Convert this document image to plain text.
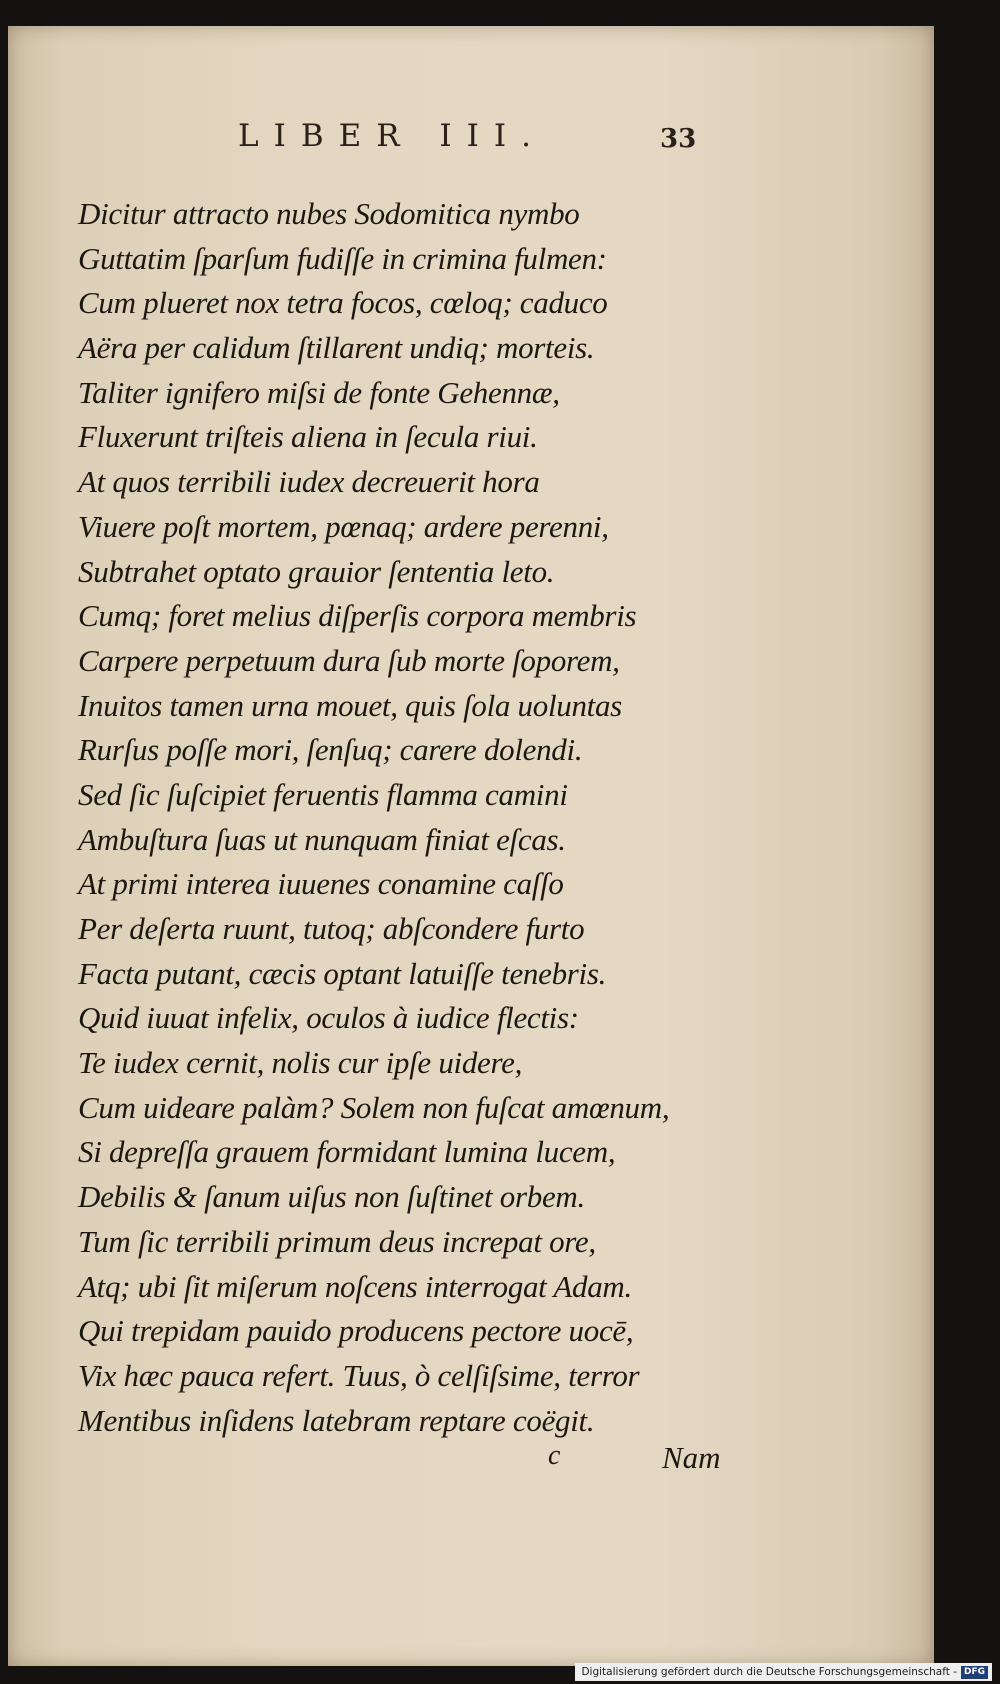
LIBER III.	33
Dicitur attracto nubes Sodomitica nymbo
Guttatim ſparſum fudiſſe in crimina fulmen:
Cum plueret nox tetra focos, cœloq; caduco
Aëra per calidum ſtillarent undiq; morteis.
Taliter ignifero miſsi de fonte Gehennæ,
Fluxerunt triſteis aliena in ſecula riui.
At quos terribili iudex decreuerit hora
Viuere poſt mortem, pœnaq; ardere perenni,
Subtrahet optato grauior ſententia leto.
Cumq; foret melius diſperſis corpora membris
Carpere perpetuum dura ſub morte ſoporem,
Inuitos tamen urna mouet, quis ſola uoluntas
Rurſus poſſe mori, ſenſuq; carere dolendi.
Sed ſic ſuſcipiet feruentis flamma camini
Ambuſtura ſuas ut nunquam finiat eſcas.
At primi interea iuuenes conamine caſſo
Per deſerta ruunt, tutoq; abſcondere furto
Facta putant, cæcis optant latuiſſe tenebris.
Quid iuuat infelix, oculos à iudice flectis:
Te iudex cernit, nolis cur ipſe uidere,
Cum uideare palàm? Solem non fuſcat amœnum,
Si depreſſa grauem formidant lumina lucem,
Debilis & ſanum uiſus non ſuſtinet orbem.
Tum ſic terribili primum deus increpat ore,
Atq; ubi ſit miſerum noſcens interrogat Adam.
Qui trepidam pauido producens pectore uocē,
Vix hæc pauca refert. Tuus, ò celſiſsime, terror
Mentibus inſidens latebram reptare coëgit.
c	Nam
Digitalisierung gefördert durch die Deutsche Forschungsgemeinschaft - DFG
